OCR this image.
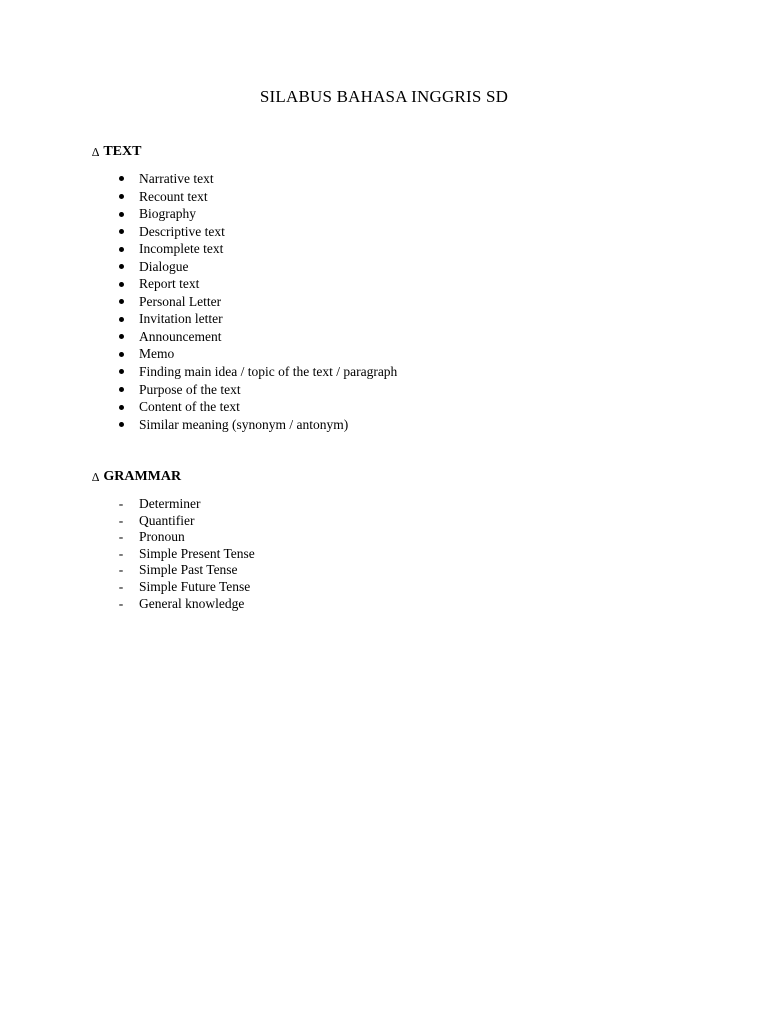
SILABUS BAHASA INGGRIS SD
∆ TEXT
Narrative text
Recount text
Biography
Descriptive text
Incomplete text
Dialogue
Report text
Personal Letter
Invitation letter
Announcement
Memo
Finding main idea / topic of the text / paragraph
Purpose of the text
Content of the text
Similar meaning (synonym / antonym)
∆ GRAMMAR
-	Determiner
-	Quantifier
-	Pronoun
-	Simple Present Tense
-	Simple Past Tense
-	Simple Future Tense
-	General knowledge
